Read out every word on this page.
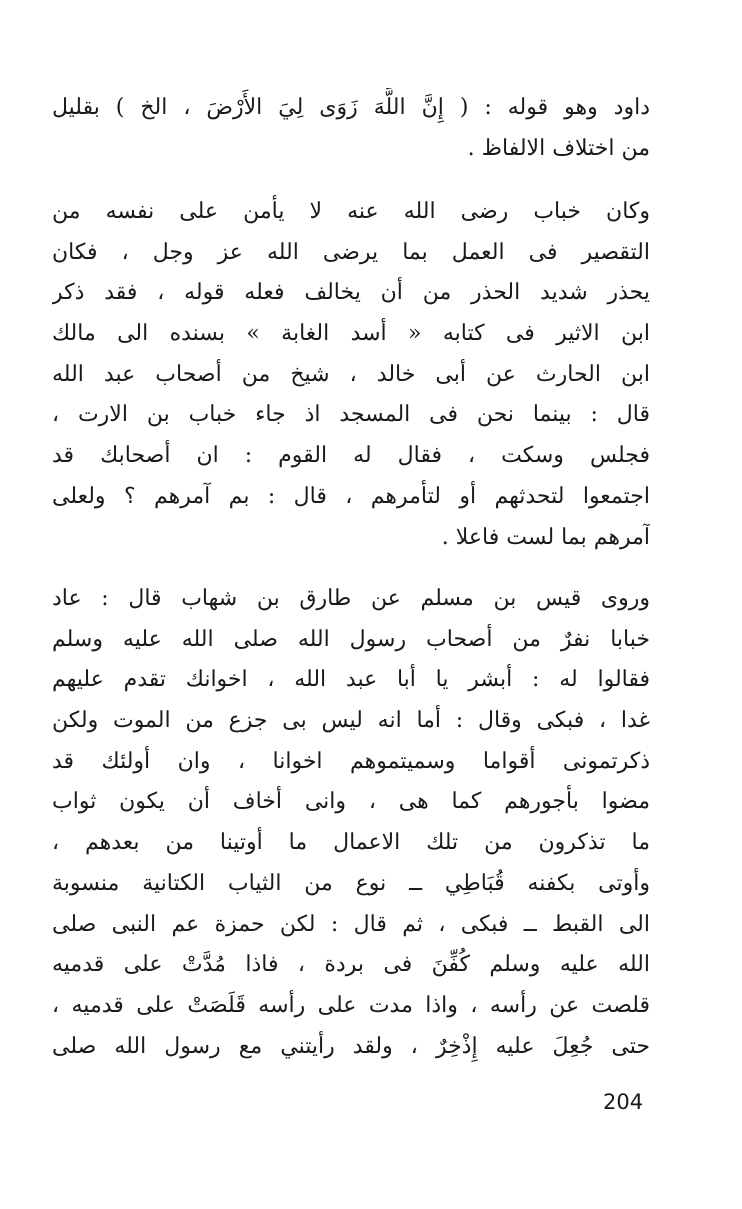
داود وهو قوله : ( إِنَّ اللَّهَ زَوَى لِيَ الأَرْضَ ، الخ ) بقليل
من اختلاف الالفاظ .
وكان خباب رضى الله عنه لا يأمن على نفسه من
التقصير فى العمل بما يرضى الله عز وجل ، فكان
يحذر شديد الحذر من أن يخالف فعله قوله ، فقد ذكر
ابن الاثير فى كتابه « أسد الغابة » بسنده الى مالك
ابن الحارث عن أبى خالد ، شيخ من أصحاب عبد الله
قال : بينما نحن فى المسجد اذ جاء خباب بن الارت ،
فجلس وسكت ، فقال له القوم : ان أصحابك قد
اجتمعوا لتحدثهم أو لتأمرهم ، قال : بم آمرهم ؟ ولعلى
آمرهم بما لست فاعلا .
وروى قيس بن مسلم عن طارق بن شهاب قال : عاد
خبابا نفرٌ من أصحاب رسول الله صلى الله عليه وسلم
فقالوا له : أبشر يا أبا عبد الله ، اخوانك تقدم عليهم
غدا ، فبكى وقال : أما انه ليس بى جزع من الموت ولكن
ذكرتمونى أقواما وسميتموهم اخوانا ، وان أولئك قد
مضوا بأجورهم كما هى ، وانى أخاف أن يكون ثواب
ما تذكرون من تلك الاعمال ما أوتينا من بعدهم ،
وأوتى بكفنه قُبَاطِي ــ نوع من الثياب الكتانية منسوبة
الى القبط ــ فبكى ، ثم قال : لكن حمزة عم النبى صلى
الله عليه وسلم كُفِّنَ فى بردة ، فاذا مُدَّتْ على قدميه
قلصت عن رأسه ، واذا مدت على رأسه قَلَصَتْ على قدميه ،
حتى جُعِلَ عليه إِذْخِرٌ ، ولقد رأيتني مع رسول الله صلى
204
